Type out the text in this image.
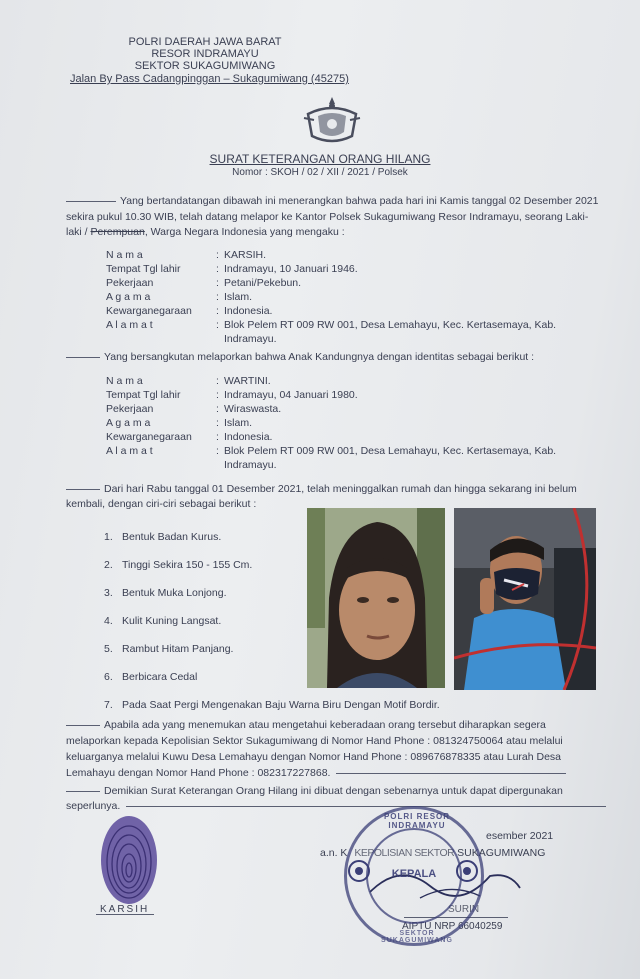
POLRI DAERAH JAWA BARAT
RESOR INDRAMAYU
SEKTOR SUKAGUMIWANG
Jalan By Pass Cadangpinggan – Sukagumiwang (45275)
SURAT KETERANGAN ORANG HILANG
Nomor : SKOH / 02 / XII / 2021 / Polsek
Yang bertandatangan dibawah ini menerangkan bahwa pada hari ini Kamis tanggal 02 Desember 2021
sekira pukul 10.30 WIB, telah datang melapor ke Kantor Polsek Sukagumiwang Resor Indramayu, seorang Laki-
laki / Perempuan, Warga Negara Indonesia yang mengaku :
N a m a	: KARSIH.
Tempat Tgl lahir	: Indramayu, 10 Januari 1946.
Pekerjaan	: Petani/Pekebun.
A g a m a	: Islam.
Kewarganegaraan : Indonesia.
A l a m a t	: Blok Pelem RT 009 RW 001, Desa Lemahayu, Kec. Kertasemaya, Kab.
Indramayu.
Yang bersangkutan melaporkan bahwa Anak Kandungnya dengan identitas sebagai berikut :
N a m a	: WARTINI.
Tempat Tgl lahir	: Indramayu, 04 Januari 1980.
Pekerjaan	: Wiraswasta.
A g a m a	: Islam.
Kewarganegaraan : Indonesia.
A l a m a t	: Blok Pelem RT 009 RW 001, Desa Lemahayu, Kec. Kertasemaya, Kab.
Indramayu.
Dari hari Rabu tanggal 01 Desember 2021, telah meninggalkan rumah dan hingga sekarang ini belum
kembali, dengan ciri-ciri sebagai berikut :
1. Bentuk Badan Kurus.
2. Tinggi Sekira 150 - 155 Cm.
3. Bentuk Muka Lonjong.
4. Kulit Kuning Langsat.
5. Rambut Hitam Panjang.
6. Berbicara Cedal
7. Pada Saat Pergi Mengenakan Baju Warna Biru Dengan Motif Bordir.
Apabila ada yang menemukan atau mengetahui keberadaan orang tersebut diharapkan segera
melaporkan kepada Kepolisian Sektor Sukagumiwang di Nomor Hand Phone : 081324750064 atau melalui
keluarganya melalui Kuwu Desa Lemahayu dengan Nomor Hand Phone : 089676878335 atau Lurah Desa
Lemahayu dengan Nomor Hand Phone : 082317227868.
Demikian Surat Keterangan Orang Hilang ini dibuat dengan sebenarnya untuk dapat dipergunakan
seperlunya.
KARSIH
esember 2021
a.n. K KEPOLISIAN SEKTOR SUKAGUMIWANG
SURIN
AIPTU NRP 66040259
POLRI RESOR INDRAMAYU
KEPALA
SEKTOR SUKAGUMIWANG
